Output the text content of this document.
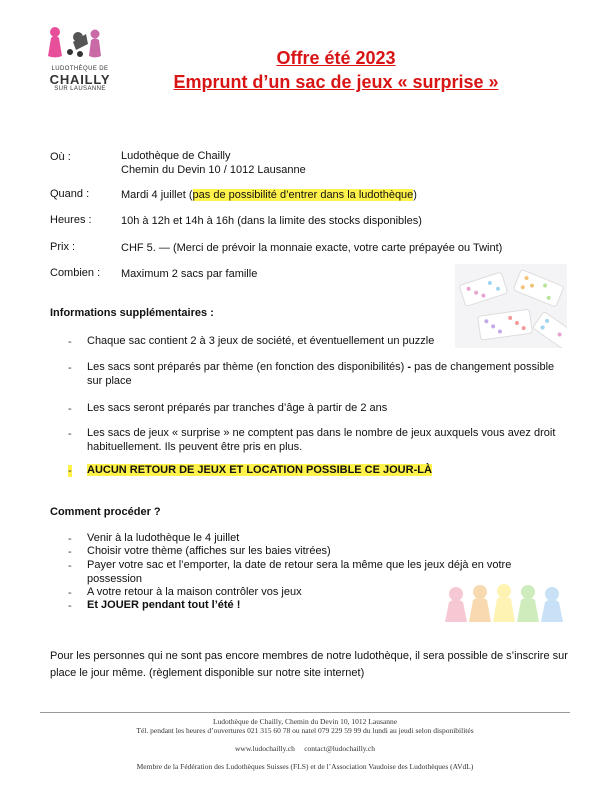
LUDOTHÈQUE DE
CHAILLY
SUR LAUSANNE
Offre été 2023
Emprunt d’un sac de jeux « surprise »
Où :	Ludothèque de Chailly
Chemin du Devin 10 / 1012 Lausanne
Quand :	Mardi 4 juillet (pas de possibilité d’entrer dans la ludothèque)
Heures :	10h à 12h et 14h à 16h (dans la limite des stocks disponibles)
Prix :	CHF 5. — (Merci de prévoir la monnaie exacte, votre carte prépayée ou Twint)
Combien : Maximum 2 sacs par famille
Informations supplémentaires :
- Chaque sac contient 2 à 3 jeux de société, et éventuellement un puzzle
- Les sacs sont préparés par thème (en fonction des disponibilités) - pas de changement possible sur place
- Les sacs seront préparés par tranches d’âge à partir de 2 ans
- Les sacs de jeux « surprise » ne comptent pas dans le nombre de jeux auxquels vous avez droit habituellement. Ils peuvent être pris en plus.
- AUCUN RETOUR DE JEUX ET LOCATION POSSIBLE CE JOUR-LÀ
Comment procéder ?
- Venir à la ludothèque le 4 juillet
- Choisir votre thème (affiches sur les baies vitrées)
- Payer votre sac et l’emporter, la date de retour sera la même que les jeux déjà en votre possession
- A votre retour à la maison contrôler vos jeux
- Et JOUER pendant tout l’été !
Pour les personnes qui ne sont pas encore membres de notre ludothèque, il sera possible de s’inscrire sur place le jour même. (règlement disponible sur notre site internet)
Ludothèque de Chailly, Chemin du Devin 10, 1012 Lausanne
Tél. pendant les heures d’ouvertures 021 315 60 78 ou natel 079 229 59 99 du lundi au jeudi selon disponibilités
www.ludochailly.ch contact@ludochailly.ch
Membre de la Fédération des Ludothèques Suisses (FLS) et de l’Association Vaudoise des Ludothèques (AVdL)
